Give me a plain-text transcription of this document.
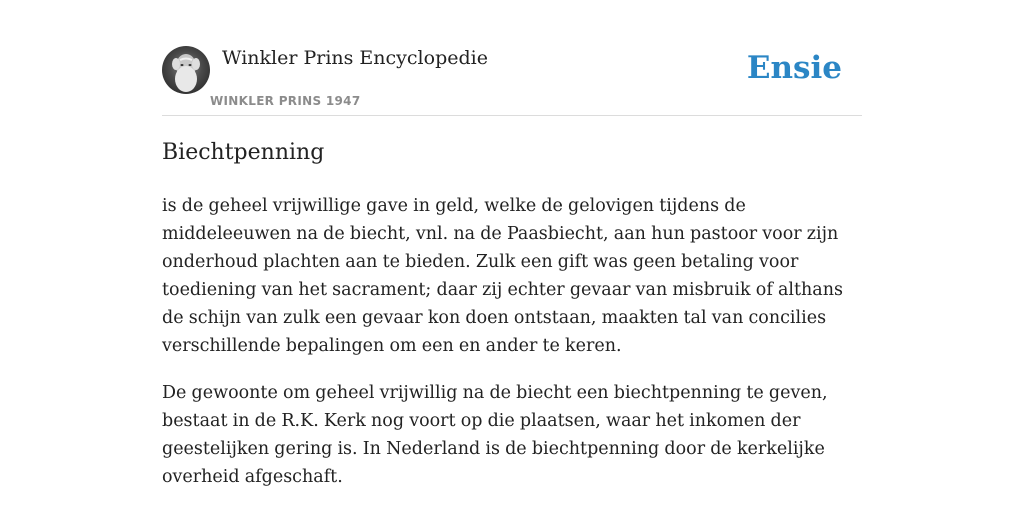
Winkler Prins Encyclopedie
WINKLER PRINS 1947
Ensie
Biechtpenning

is de geheel vrijwillige gave in geld, welke de gelovigen tijdens de middeleeuwen na de biecht, vnl. na de Paasbiecht, aan hun pastoor voor zijn onderhoud plachten aan te bieden. Zulk een gift was geen betaling voor toediening van het sacrament; daar zij echter gevaar van misbruik of althans de schijn van zulk een gevaar kon doen ontstaan, maakten tal van concilies verschillende bepalingen om een en ander te keren.

De gewoonte om geheel vrijwillig na de biecht een biechtpenning te geven, bestaat in de R.K. Kerk nog voort op die plaatsen, waar het inkomen der geestelijken gering is. In Nederland is de biechtpenning door de kerkelijke overheid afgeschaft.
